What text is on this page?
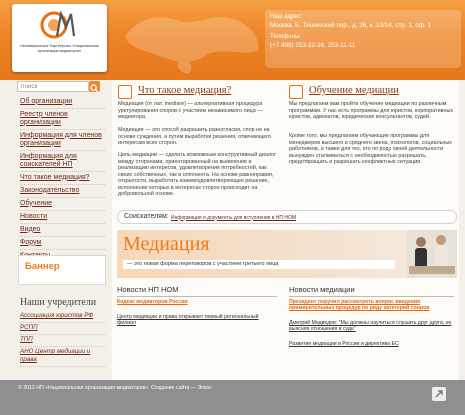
Некоммерческое Партнерство «Национальная организация медиаторов»
Наш адрес:
Москва, Б. Тишинский пер., д. 26, к. 13/14, стр. 1, оф. 1
Телефоны:
(+7 499) 253-22-26, 253-11-11
поиск
Об организации
Реестр членов организации
Информация для членов организации
Информация для соискателей НП
Что такое медиация?
Законодательство
Обучение
Новости
Видео
Форум
Баннер
Наши учредители
Ассоциация юристов РФ
РСПП
ТПП
АНО Центр медиации и права
Что такое медиация?
Медиация (от лат. mediare) — альтернативная процедура урегулирования споров с участием независимого лица — медиатора.
Медиация — это способ разрешить разногласия, спор не на основе суждения, а путем выработки решения, отвечающего интересам всех сторон.
Цель медиации — сделать возможным конструктивный диалог между сторонами, ориентированный на выявление и реализацию интересов, удовлетворение потребностей, как своих собственных, так и оппонента. На основе равноправия, открытости, выработать взаимоудовлетворяющее решение, исполнение которых в интересах сторон происходит на добровольной основе.
Обучение медиации
Мы предлагаем вам пройти обучение медиации по различным программам. У нас есть программы для юристов, корпоративных юристов, адвокатов, юридических консультантов, судей.
Кроме того, мы предлагаем обучающие программы для менеджеров высшего и среднего звена, психологов, социальных работников, а также для тех, кто по роду своей деятельности вынужден сталкиваться с необходимостью разрешать, предотвращать и разрешать конфликтные ситуации.
Соискателям: Информация и документы для вступления в НП НОМ
Медиация
— это новая форма переговоров с участием третьего лица
Новости НП НОМ
Кодекс медиаторов России
Центр медиации и права открывает первый региональный филиал
Новости медиации
Президент поручил рассмотреть вопрос введения примирительных процедур по ряду категорий споров
Дмитрий Медведев: "Мы должны научиться слушать друг друга, не выясняя отношения в суде"
Развитие медиации в России и директива ЕС
© 2012 НП «Национальная организация медиаторов». Создание сайта — Элкос
